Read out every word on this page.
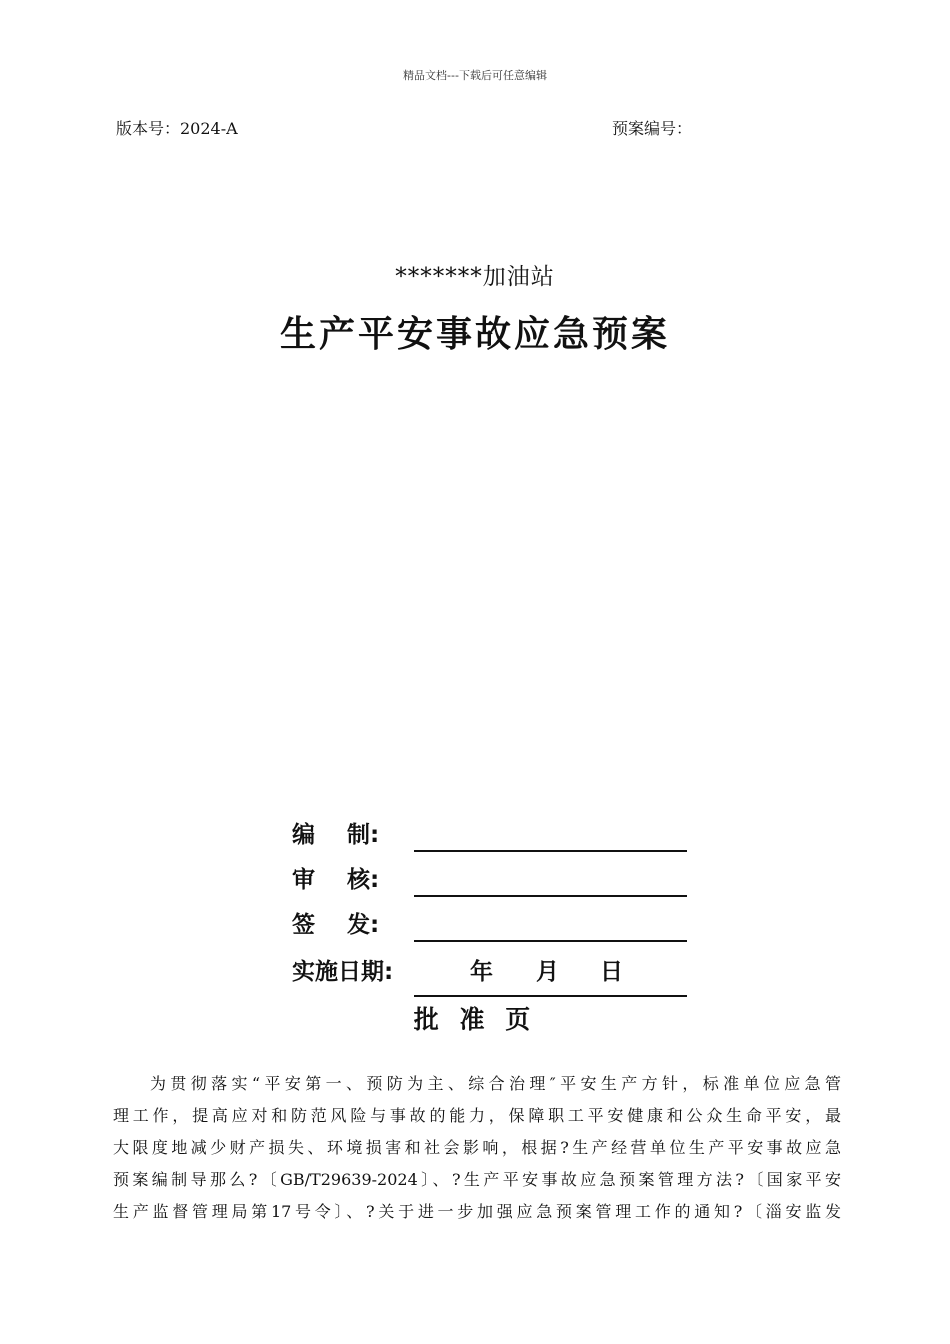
精品文档---下载后可任意编辑
版本号：2024-A	预案编号：
*******加油站
生产平安事故应急预案
编    制:
审    核:
签    发:
实施日期:	年 月 日
批 准 页
为贯彻落实“平安第一、预防为主、综合治理″平安生产方针，标准单位应急管
理工作，提高应对和防范风险与事故的能力，保障职工平安健康和公众生命平安，最
大限度地减少财产损失、环境损害和社会影响，根据?生产经营单位生产平安事故应急
预案编制导那么?〔GB/T29639-2024〕、?生产平安事故应急预案管理方法?〔国家平安
生产监督管理局第17号令〕、?关于进一步加强应急预案管理工作的通知?〔淄安监发
